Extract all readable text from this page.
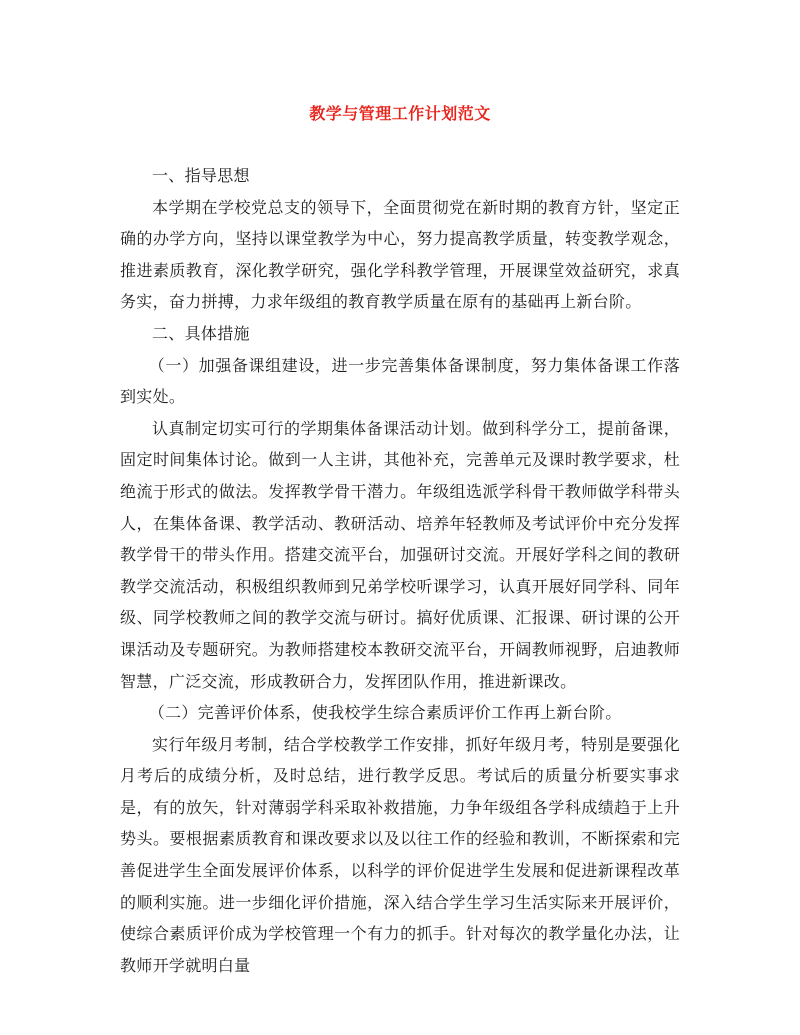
教学与管理工作计划范文

一、指导思想

本学期在学校党总支的领导下，全面贯彻党在新时期的教育方针，坚定正确的办学方向，坚持以课堂教学为中心，努力提高教学质量，转变教学观念，推进素质教育，深化教学研究，强化学科教学管理，开展课堂效益研究，求真务实，奋力拼搏，力求年级组的教育教学质量在原有的基础再上新台阶。

二、具体措施

（一）加强备课组建设，进一步完善集体备课制度，努力集体备课工作落到实处。

认真制定切实可行的学期集体备课活动计划。做到科学分工，提前备课，固定时间集体讨论。做到一人主讲，其他补充，完善单元及课时教学要求，杜绝流于形式的做法。发挥教学骨干潜力。年级组选派学科骨干教师做学科带头人，在集体备课、教学活动、教研活动、培养年轻教师及考试评价中充分发挥教学骨干的带头作用。搭建交流平台，加强研讨交流。开展好学科之间的教研教学交流活动，积极组织教师到兄弟学校听课学习，认真开展好同学科、同年级、同学校教师之间的教学交流与研讨。搞好优质课、汇报课、研讨课的公开课活动及专题研究。为教师搭建校本教研交流平台，开阔教师视野，启迪教师智慧，广泛交流，形成教研合力，发挥团队作用，推进新课改。

（二）完善评价体系，使我校学生综合素质评价工作再上新台阶。

实行年级月考制，结合学校教学工作安排，抓好年级月考，特别是要强化月考后的成绩分析，及时总结，进行教学反思。考试后的质量分析要实事求是，有的放矢，针对薄弱学科采取补救措施，力争年级组各学科成绩趋于上升势头。要根据素质教育和课改要求以及以往工作的经验和教训，不断探索和完善促进学生全面发展评价体系，以科学的评价促进学生发展和促进新课程改革的顺利实施。进一步细化评价措施，深入结合学生学习生活实际来开展评价，使综合素质评价成为学校管理一个有力的抓手。针对每次的教学量化办法，让教师开学就明白量
